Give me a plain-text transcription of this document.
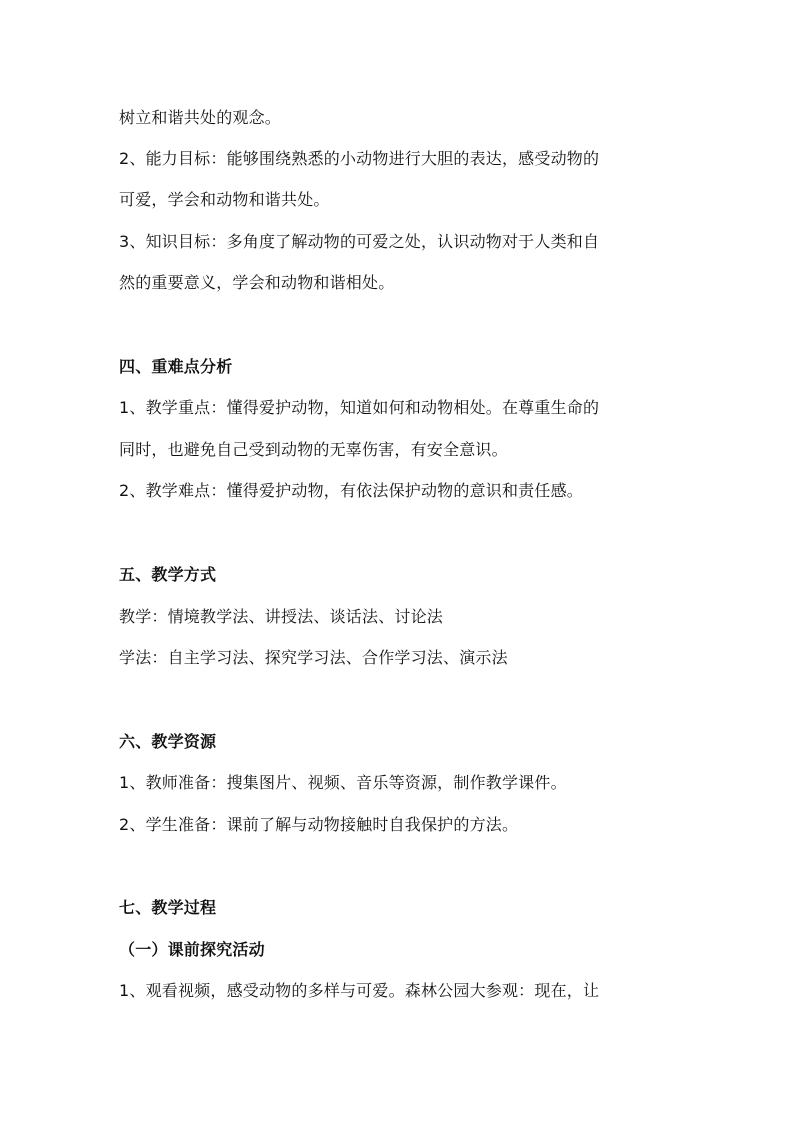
树立和谐共处的观念。
2、能力目标：能够围绕熟悉的小动物进行大胆的表达，感受动物的
可爱，学会和动物和谐共处。
3、知识目标：多角度了解动物的可爱之处，认识动物对于人类和自
然的重要意义，学会和动物和谐相处。
四、重难点分析
1、教学重点：懂得爱护动物，知道如何和动物相处。在尊重生命的
同时，也避免自己受到动物的无辜伤害，有安全意识。
2、教学难点：懂得爱护动物，有依法保护动物的意识和责任感。
五、教学方式
教学：情境教学法、讲授法、谈话法、讨论法
学法：自主学习法、探究学习法、合作学习法、演示法
六、教学资源
1、教师准备：搜集图片、视频、音乐等资源，制作教学课件。
2、学生准备：课前了解与动物接触时自我保护的方法。
七、教学过程
（一）课前探究活动
1、观看视频，感受动物的多样与可爱。森林公园大参观：现在，让
